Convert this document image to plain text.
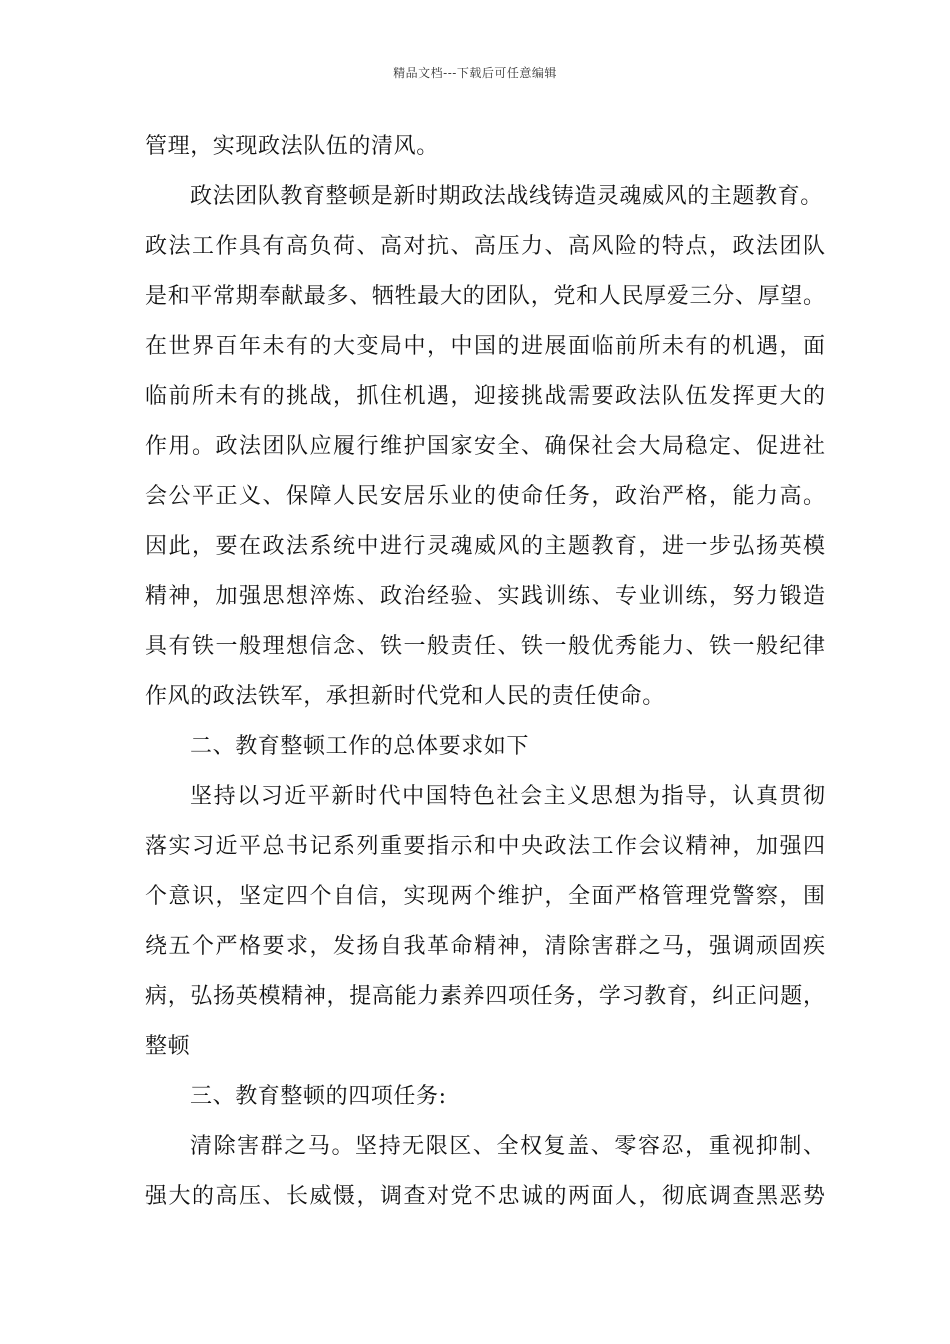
精品文档---下载后可任意编辑
管理，实现政法队伍的清风。
政法团队教育整顿是新时期政法战线铸造灵魂威风的主题教育。
政法工作具有高负荷、高对抗、高压力、高风险的特点，政法团队
是和平常期奉献最多、牺牲最大的团队，党和人民厚爱三分、厚望。
在世界百年未有的大变局中，中国的进展面临前所未有的机遇，面
临前所未有的挑战，抓住机遇，迎接挑战需要政法队伍发挥更大的
作用。政法团队应履行维护国家安全、确保社会大局稳定、促进社
会公平正义、保障人民安居乐业的使命任务，政治严格，能力高。
因此，要在政法系统中进行灵魂威风的主题教育，进一步弘扬英模
精神，加强思想淬炼、政治经验、实践训练、专业训练，努力锻造
具有铁一般理想信念、铁一般责任、铁一般优秀能力、铁一般纪律
作风的政法铁军，承担新时代党和人民的责任使命。
二、教育整顿工作的总体要求如下
坚持以习近平新时代中国特色社会主义思想为指导，认真贯彻
落实习近平总书记系列重要指示和中央政法工作会议精神，加强四
个意识，坚定四个自信，实现两个维护，全面严格管理党警察，围
绕五个严格要求，发扬自我革命精神，清除害群之马，强调顽固疾
病，弘扬英模精神，提高能力素养四项任务，学习教育，纠正问题，
整顿
三、教育整顿的四项任务:
清除害群之马。坚持无限区、全权复盖、零容忍，重视抑制、
强大的高压、长威慑，调查对党不忠诚的两面人，彻底调查黑恶势
